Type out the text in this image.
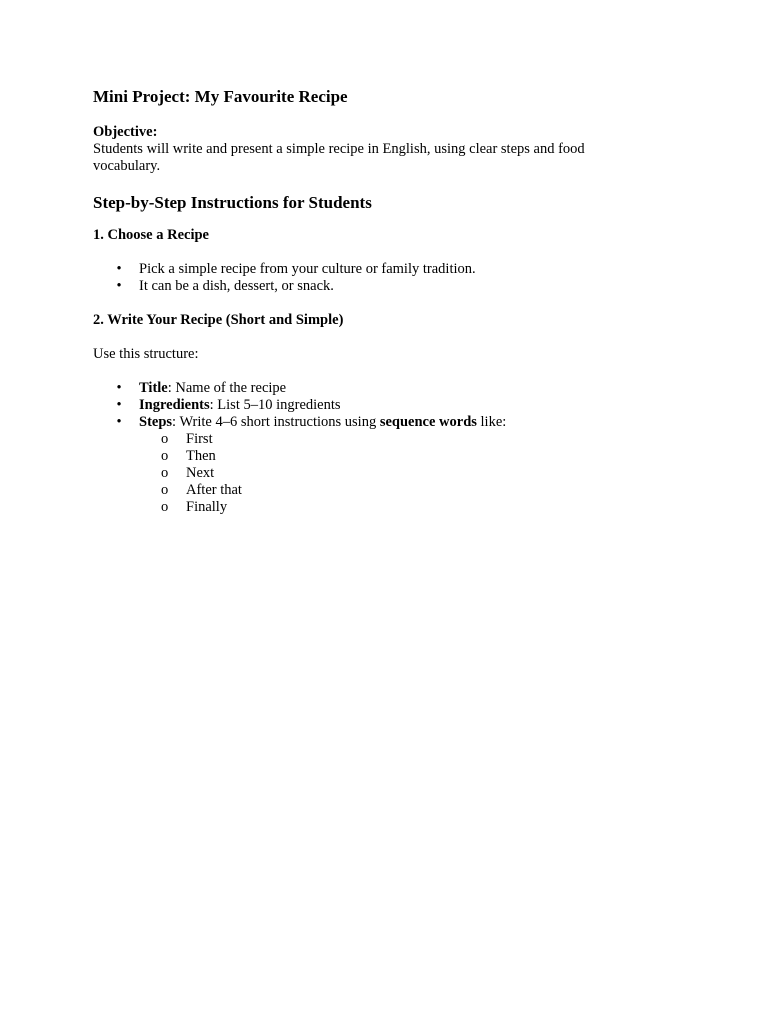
Mini Project: My Favourite Recipe

Objective:

Students will write and present a simple recipe in English, using clear steps and food

vocabulary.

Step-by-Step Instructions for Students
1. Choose a Recipe
• Pick a simple recipe from your culture or family tradition.
• It can be a dish, dessert, or snack.
2. Write Your Recipe (Short and Simple)

Use this structure:

• Title: Name of the recipe
• Ingredients: List 5–10 ingredients
• Steps: Write 4–6 short instructions using sequence words like:
o First
o Then
o Next
o After that
o Finally
